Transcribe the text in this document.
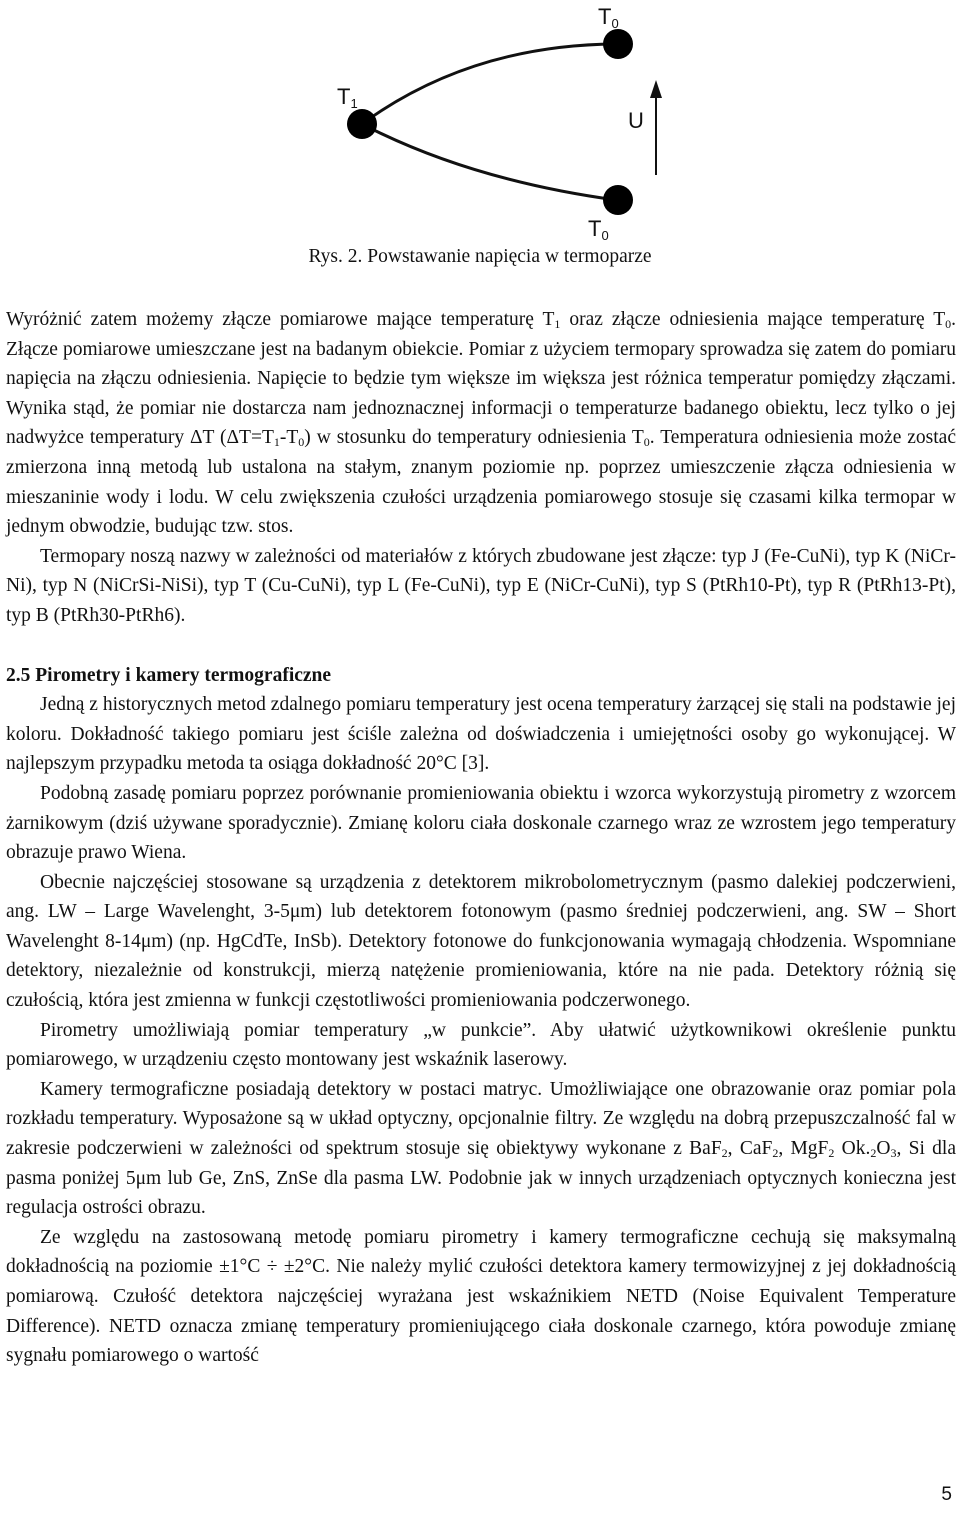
$T_0$
$T_1$
U
$T_0$
Rys. 2. Powstawanie napięcia w termoparze

Wyróżnić zatem możemy złącze pomiarowe mające temperaturę $T_1$ oraz złącze odniesienia mające temperaturę $T_0$. Złącze pomiarowe umieszczane jest na badanym obiekcie. Pomiar z użyciem termopary sprowadza się zatem do pomiaru napięcia na złączu odniesienia. Napięcie to będzie tym większe im większa jest różnica temperatur pomiędzy złączami. Wynika stąd, że pomiar nie dostarcza nam jednoznacznej informacji o temperaturze badanego obiektu, lecz tylko o jej nadwyżce temperatury ΔT $(\Delta T=T_1-T_0)$ w stosunku do temperatury odniesienia $T_0$. Temperatura odniesienia może zostać zmierzona inną metodą lub ustalona na stałym, znanym poziomie np. poprzez umieszczenie złącza odniesienia w mieszaninie wody i lodu. W celu zwiększenia czułości urządzenia pomiarowego stosuje się czasami kilka termopar w jednym obwodzie, budując tzw. stos.

Termopary noszą nazwy w zależności od materiałów z których zbudowane jest złącze: typ J (Fe-CuNi), typ K (NiCr-Ni), typ N (NiCrSi-NiSi), typ T (Cu-CuNi), typ L (Fe-CuNi), typ E (NiCr-CuNi), typ S (PtRh10-Pt), typ R (PtRh13-Pt), typ B (PtRh30-PtRh6).

2.5 Pirometry i kamery termograficzne

Jedną z historycznych metod zdalnego pomiaru temperatury jest ocena temperatury żarzącej się stali na podstawie jej koloru. Dokładność takiego pomiaru jest ściśle zależna od doświadczenia i umiejętności osoby go wykonującej. W najlepszym przypadku metoda ta osiąga dokładność 20°C [3].

Podobną zasadę pomiaru poprzez porównanie promieniowania obiektu i wzorca wykorzystują pirometry z wzorcem żarnikowym (dziś używane sporadycznie). Zmianę koloru ciała doskonale czarnego wraz ze wzrostem jego temperatury obrazuje prawo Wiena.

Obecnie najczęściej stosowane są urządzenia z detektorem mikrobolometrycznym (pasmo dalekiej podczerwieni, ang. LW – Large Wavelenght, 3-5μm) lub detektorem fotonowym (pasmo średniej podczerwieni, ang. SW – Short Wavelenght 8-14μm) (np. HgCdTe, InSb). Detektory fotonowe do funkcjonowania wymagają chłodzenia. Wspomniane detektory, niezależnie od konstrukcji, mierzą natężenie promieniowania, które na nie pada. Detektory różnią się czułością, która jest zmienna w funkcji częstotliwości promieniowania podczerwonego.

Pirometry umożliwiają pomiar temperatury „w punkcie”. Aby ułatwić użytkownikowi określenie punktu pomiarowego, w urządzeniu często montowany jest wskaźnik laserowy.

Kamery termograficzne posiadają detektory w postaci matryc. Umożliwiające one obrazowanie oraz pomiar pola rozkładu temperatury. Wyposażone są w układ optyczny, opcjonalnie filtry. Ze względu na dobrą przepuszczalność fal w zakresie podczerwieni w zależności od spektrum stosuje się obiektywy wykonane z BaF$_2$, CaF$_2$, MgF$_2$ $Ok._2O_3$, Si dla pasma poniżej 5μm lub Ge, ZnS, ZnSe dla pasma LW. Podobnie jak w innych urządzeniach optycznych konieczna jest regulacja ostrości obrazu.

Ze względu na zastosowaną metodę pomiaru pirometry i kamery termograficzne cechują się maksymalną dokładnością na poziomie ±1°C ÷ ±2°C. Nie należy mylić czułości detektora kamery termowizyjnej z jej dokładnością pomiarową. Czułość detektora najczęściej wyrażana jest wskaźnikiem NETD (Noise Equivalent Temperature Difference). NETD oznacza zmianę temperatury promieniującego ciała doskonale czarnego, która powoduje zmianę sygnału pomiarowego o wartość

5
